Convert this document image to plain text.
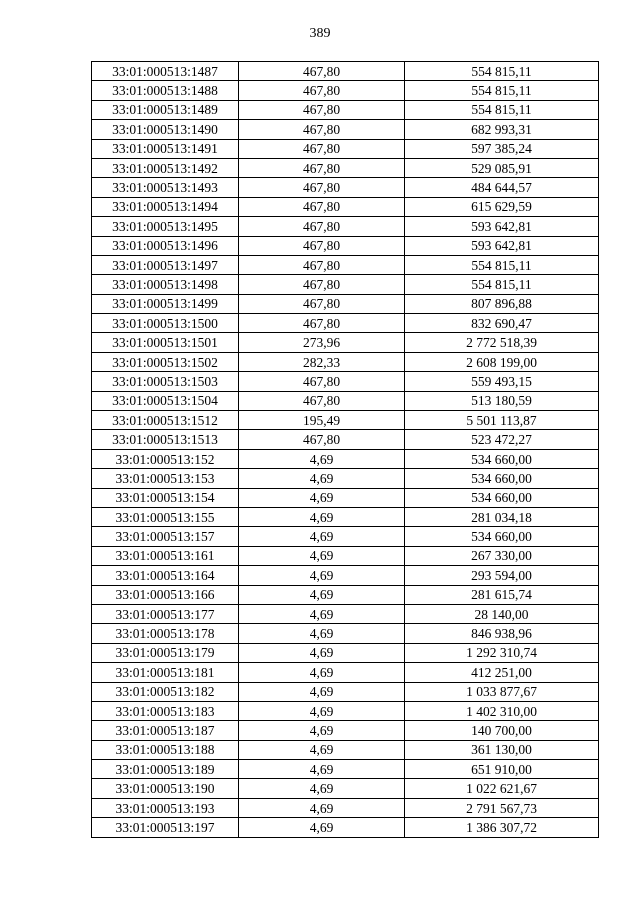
389
33:01:000513:1487	467,80	554 815,11
33:01:000513:1488	467,80	554 815,11
33:01:000513:1489	467,80	554 815,11
33:01:000513:1490	467,80	682 993,31
33:01:000513:1491	467,80	597 385,24
33:01:000513:1492	467,80	529 085,91
33:01:000513:1493	467,80	484 644,57
33:01:000513:1494	467,80	615 629,59
33:01:000513:1495	467,80	593 642,81
33:01:000513:1496	467,80	593 642,81
33:01:000513:1497	467,80	554 815,11
33:01:000513:1498	467,80	554 815,11
33:01:000513:1499	467,80	807 896,88
33:01:000513:1500	467,80	832 690,47
33:01:000513:1501	273,96	2 772 518,39
33:01:000513:1502	282,33	2 608 199,00
33:01:000513:1503	467,80	559 493,15
33:01:000513:1504	467,80	513 180,59
33:01:000513:1512	195,49	5 501 113,87
33:01:000513:1513	467,80	523 472,27
33:01:000513:152	4,69	534 660,00
33:01:000513:153	4,69	534 660,00
33:01:000513:154	4,69	534 660,00
33:01:000513:155	4,69	281 034,18
33:01:000513:157	4,69	534 660,00
33:01:000513:161	4,69	267 330,00
33:01:000513:164	4,69	293 594,00
33:01:000513:166	4,69	281 615,74
33:01:000513:177	4,69	28 140,00
33:01:000513:178	4,69	846 938,96
33:01:000513:179	4,69	1 292 310,74
33:01:000513:181	4,69	412 251,00
33:01:000513:182	4,69	1 033 877,67
33:01:000513:183	4,69	1 402 310,00
33:01:000513:187	4,69	140 700,00
33:01:000513:188	4,69	361 130,00
33:01:000513:189	4,69	651 910,00
33:01:000513:190	4,69	1 022 621,67
33:01:000513:193	4,69	2 791 567,73
33:01:000513:197	4,69	1 386 307,72
